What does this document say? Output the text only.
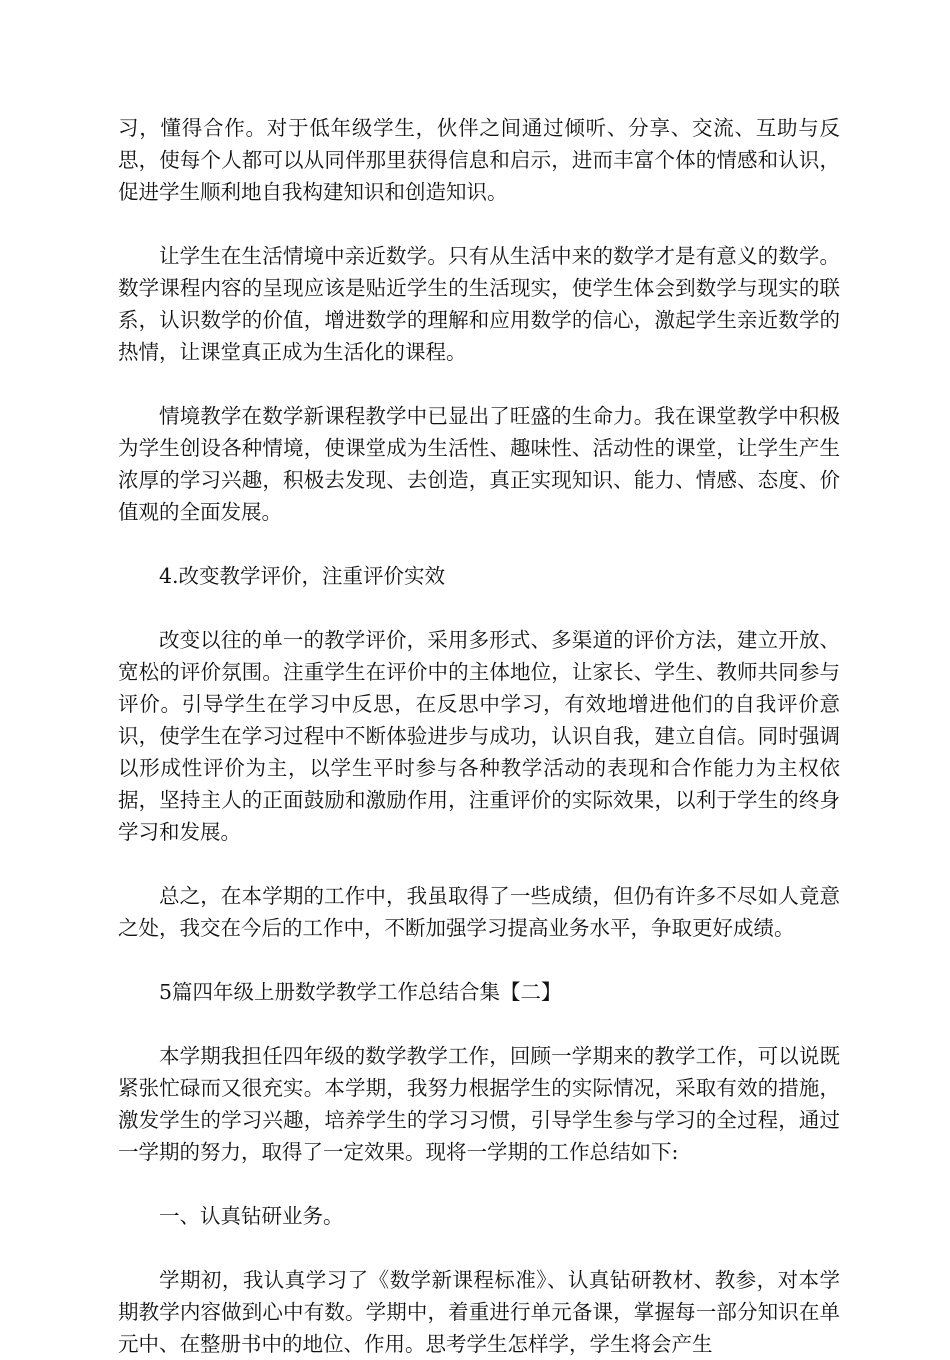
习，懂得合作。对于低年级学生，伙伴之间通过倾听、分享、交流、互助与反思，使每个人都可以从同伴那里获得信息和启示，进而丰富个体的情感和认识，促进学生顺利地自我构建知识和创造知识。

让学生在生活情境中亲近数学。只有从生活中来的数学才是有意义的数学。数学课程内容的呈现应该是贴近学生的生活现实，使学生体会到数学与现实的联系，认识数学的价值，增进数学的理解和应用数学的信心，激起学生亲近数学的热情，让课堂真正成为生活化的课程。

情境教学在数学新课程教学中已显出了旺盛的生命力。我在课堂教学中积极为学生创设各种情境，使课堂成为生活性、趣味性、活动性的课堂，让学生产生浓厚的学习兴趣，积极去发现、去创造，真正实现知识、能力、情感、态度、价值观的全面发展。

4.改变教学评价，注重评价实效

改变以往的单一的教学评价，采用多形式、多渠道的评价方法，建立开放、宽松的评价氛围。注重学生在评价中的主体地位，让家长、学生、教师共同参与评价。引导学生在学习中反思，在反思中学习，有效地增进他们的自我评价意识，使学生在学习过程中不断体验进步与成功，认识自我，建立自信。同时强调以形成性评价为主，以学生平时参与各种教学活动的表现和合作能力为主权依据，坚持主人的正面鼓励和激励作用，注重评价的实际效果，以利于学生的终身学习和发展。

总之，在本学期的工作中，我虽取得了一些成绩，但仍有许多不尽如人竟意之处，我交在今后的工作中，不断加强学习提高业务水平，争取更好成绩。

5篇四年级上册数学教学工作总结合集【二】

本学期我担任四年级的数学教学工作，回顾一学期来的教学工作，可以说既紧张忙碌而又很充实。本学期，我努力根据学生的实际情况，采取有效的措施，激发学生的学习兴趣，培养学生的学习习惯，引导学生参与学习的全过程，通过一学期的努力，取得了一定效果。现将一学期的工作总结如下:

一、认真钻研业务。

学期初，我认真学习了《数学新课程标准》、认真钻研教材、教参，对本学期教学内容做到心中有数。学期中，着重进行单元备课，掌握每一部分知识在单元中、在整册书中的地位、作用。思考学生怎样学，学生将会产生
